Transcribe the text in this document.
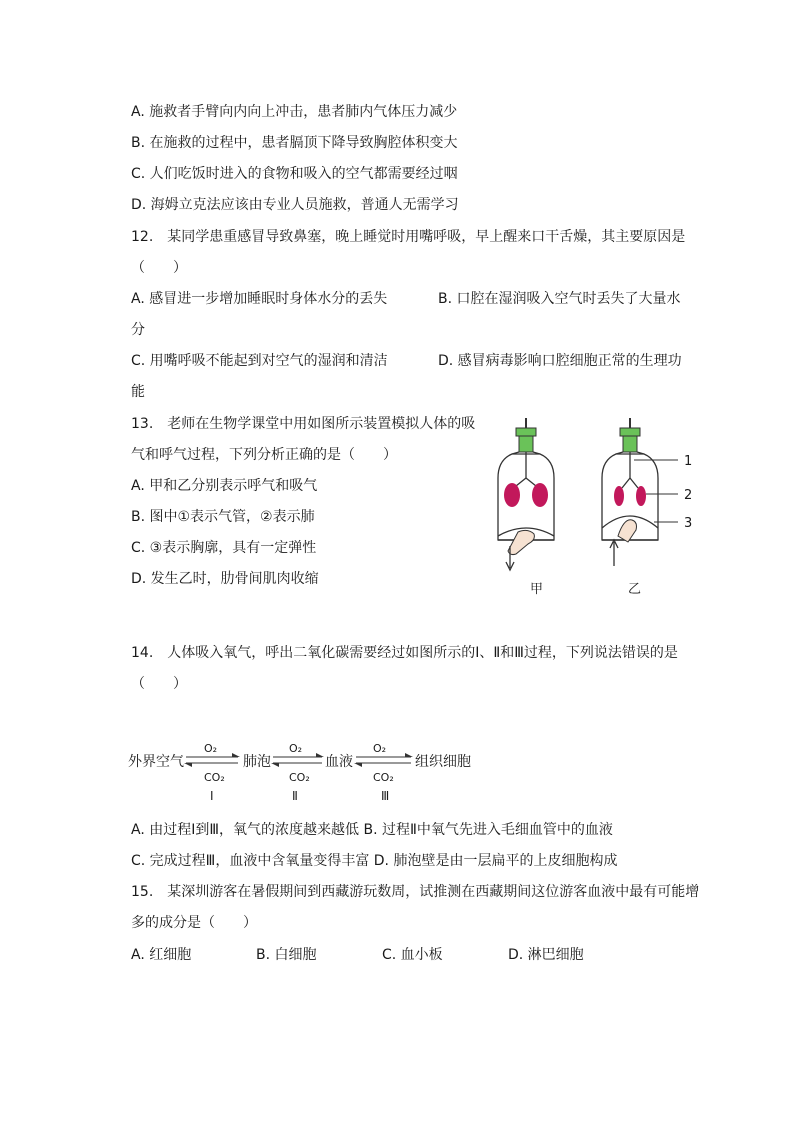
A. 施救者手臂向内向上冲击，患者肺内气体压力减少
B. 在施救的过程中，患者膈顶下降导致胸腔体积变大
C. 人们吃饭时进入的食物和吸入的空气都需要经过咽
D. 海姆立克法应该由专业人员施救，普通人无需学习
12.　某同学患重感冒导致鼻塞，晚上睡觉时用嘴呼吸，早上醒来口干舌燥，其主要原因是
（　　）
A. 感冒进一步增加睡眠时身体水分的丢失	B. 口腔在湿润吸入空气时丢失了大量水
分
C. 用嘴呼吸不能起到对空气的湿润和清洁	D. 感冒病毒影响口腔细胞正常的生理功
能
13.　老师在生物学课堂中用如图所示装置模拟人体的吸
气和呼气过程，下列分析正确的是（　　）
A. 甲和乙分别表示呼气和吸气
B. 图中①表示气管，②表示肺
C. ③表示胸廓，具有一定弹性
D. 发生乙时，肋骨间肌肉收缩
1
2
3
甲	乙
14.　人体吸入氧气，呼出二氧化碳需要经过如图所示的Ⅰ、Ⅱ和Ⅲ过程，下列说法错误的是
（　　）
外界空气	肺泡	血液	组织细胞
O₂
CO₂
Ⅰ
O₂
CO₂
Ⅱ
O₂
CO₂
Ⅲ
A. 由过程Ⅰ到Ⅲ，氧气的浓度越来越低 B. 过程Ⅱ中氧气先进入毛细血管中的血液
C. 完成过程Ⅲ，血液中含氧量变得丰富 D. 肺泡壁是由一层扁平的上皮细胞构成
15.　某深圳游客在暑假期间到西藏游玩数周，试推测在西藏期间这位游客血液中最有可能增
多的成分是（　　）
A. 红细胞	B. 白细胞	C. 血小板	D. 淋巴细胞
